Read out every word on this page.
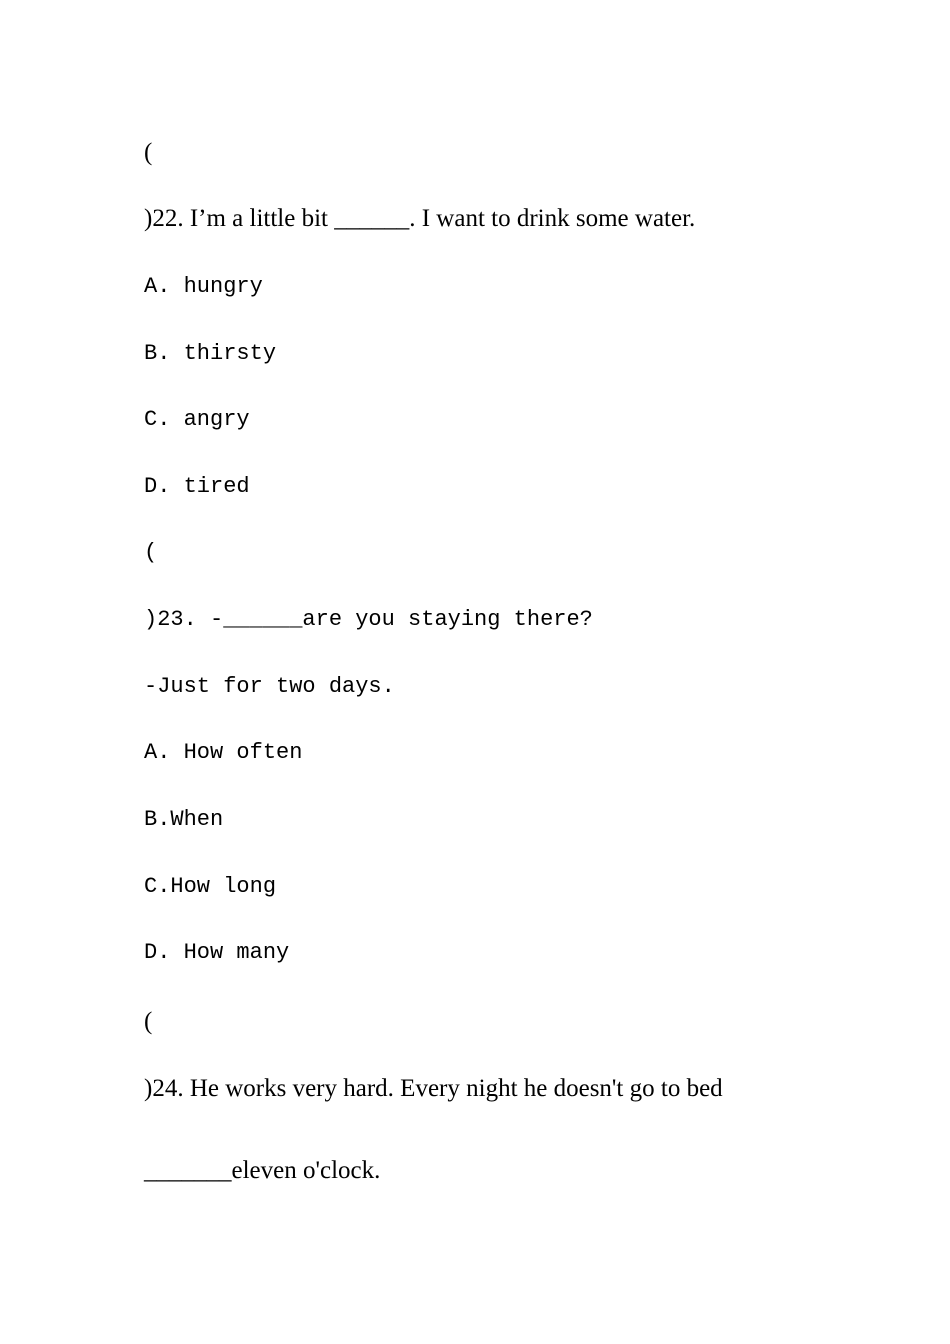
(
)22. I’m a little bit ______. I want to drink some water.
A. hungry
B. thirsty
C. angry
D. tired
(
)23. -______are you staying there?
-Just for two days.
A. How often
B.When
C.How long
D. How many
(
)24. He works very hard. Every night he doesn't go to bed
_______eleven o'clock.
